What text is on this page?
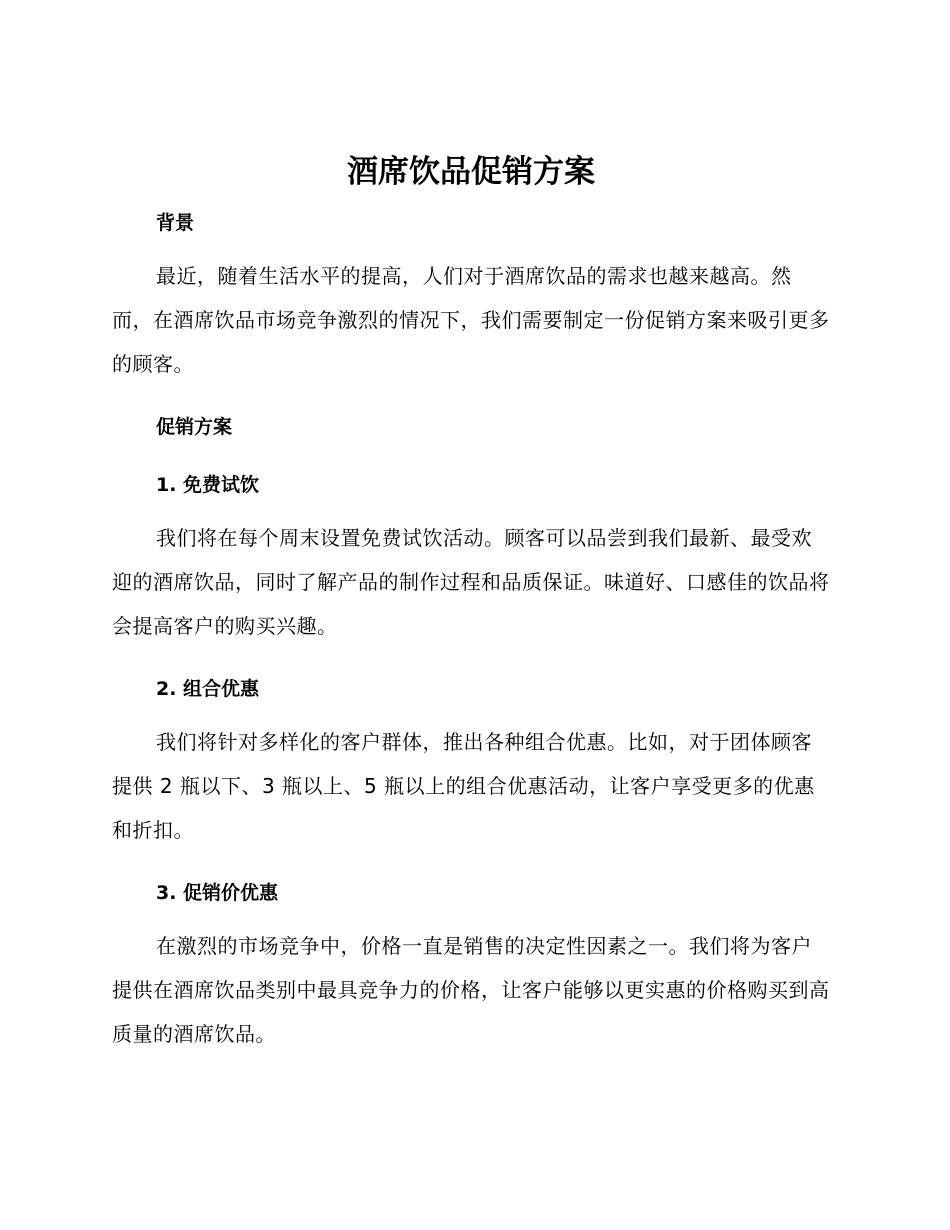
酒席饮品促销方案
背景

最近，随着生活水平的提高，人们对于酒席饮品的需求也越来越高。然而，在酒席饮品市场竞争激烈的情况下，我们需要制定一份促销方案来吸引更多的顾客。

促销方案
1. 免费试饮

我们将在每个周末设置免费试饮活动。顾客可以品尝到我们最新、最受欢迎的酒席饮品，同时了解产品的制作过程和品质保证。味道好、口感佳的饮品将会提高客户的购买兴趣。

2. 组合优惠

我们将针对多样化的客户群体，推出各种组合优惠。比如，对于团体顾客提供 2 瓶以下、3 瓶以上、5 瓶以上的组合优惠活动，让客户享受更多的优惠和折扣。

3. 促销价优惠

在激烈的市场竞争中，价格一直是销售的决定性因素之一。我们将为客户提供在酒席饮品类别中最具竞争力的价格，让客户能够以更实惠的价格购买到高质量的酒席饮品。
